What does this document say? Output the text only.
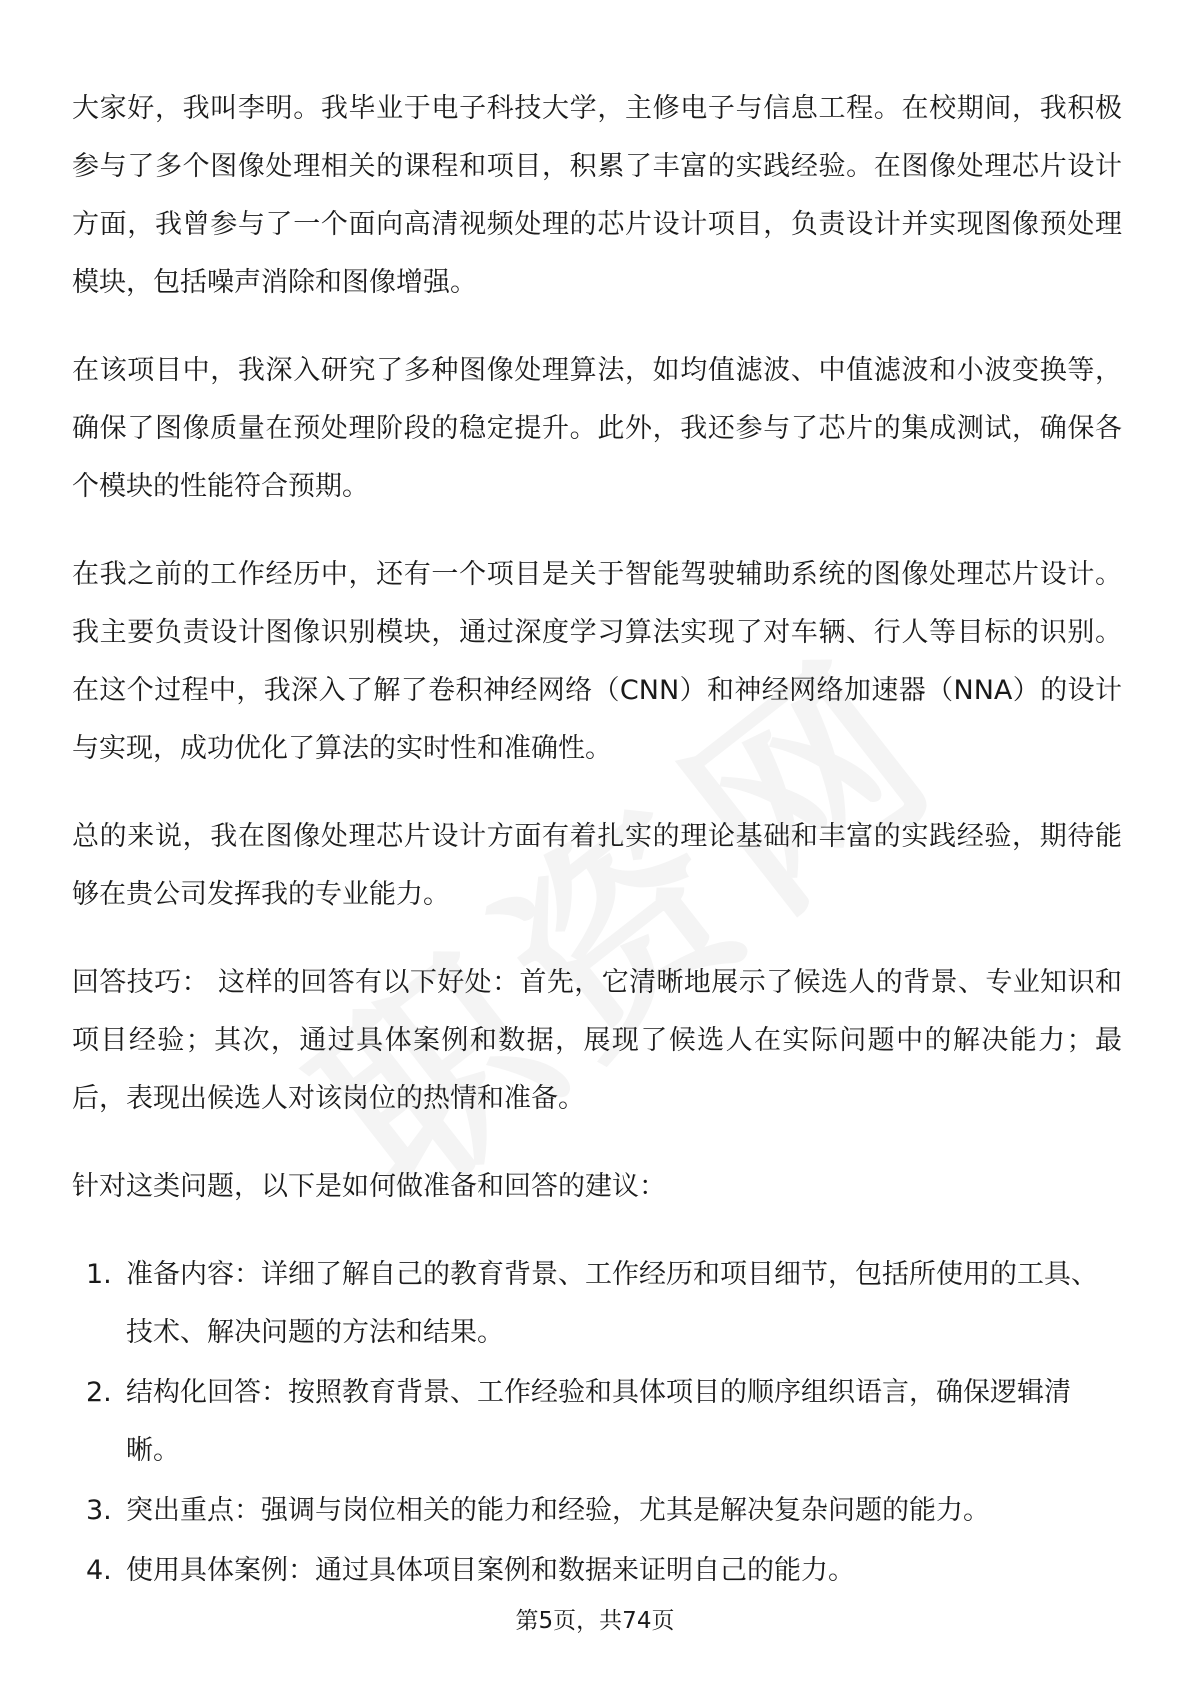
大家好，我叫李明。我毕业于电子科技大学，主修电子与信息工程。在校期间，我积极参与了多个图像处理相关的课程和项目，积累了丰富的实践经验。在图像处理芯片设计方面，我曾参与了一个面向高清视频处理的芯片设计项目，负责设计并实现图像预处理模块，包括噪声消除和图像增强。

在该项目中，我深入研究了多种图像处理算法，如均值滤波、中值滤波和小波变换等，确保了图像质量在预处理阶段的稳定提升。此外，我还参与了芯片的集成测试，确保各个模块的性能符合预期。

在我之前的工作经历中，还有一个项目是关于智能驾驶辅助系统的图像处理芯片设计。我主要负责设计图像识别模块，通过深度学习算法实现了对车辆、行人等目标的识别。在这个过程中，我深入了解了卷积神经网络（CNN）和神经网络加速器（NNA）的设计与实现，成功优化了算法的实时性和准确性。

总的来说，我在图像处理芯片设计方面有着扎实的理论基础和丰富的实践经验，期待能够在贵公司发挥我的专业能力。

回答技巧： 这样的回答有以下好处：首先，它清晰地展示了候选人的背景、专业知识和项目经验；其次，通过具体案例和数据，展现了候选人在实际问题中的解决能力；最后，表现出候选人对该岗位的热情和准备。

针对这类问题，以下是如何做准备和回答的建议：

1. 准备内容：详细了解自己的教育背景、工作经历和项目细节，包括所使用的工具、技术、解决问题的方法和结果。
2. 结构化回答：按照教育背景、工作经验和具体项目的顺序组织语言，确保逻辑清晰。
3. 突出重点：强调与岗位相关的能力和经验，尤其是解决复杂问题的能力。
4. 使用具体案例：通过具体项目案例和数据来证明自己的能力。
第5页，共74页
